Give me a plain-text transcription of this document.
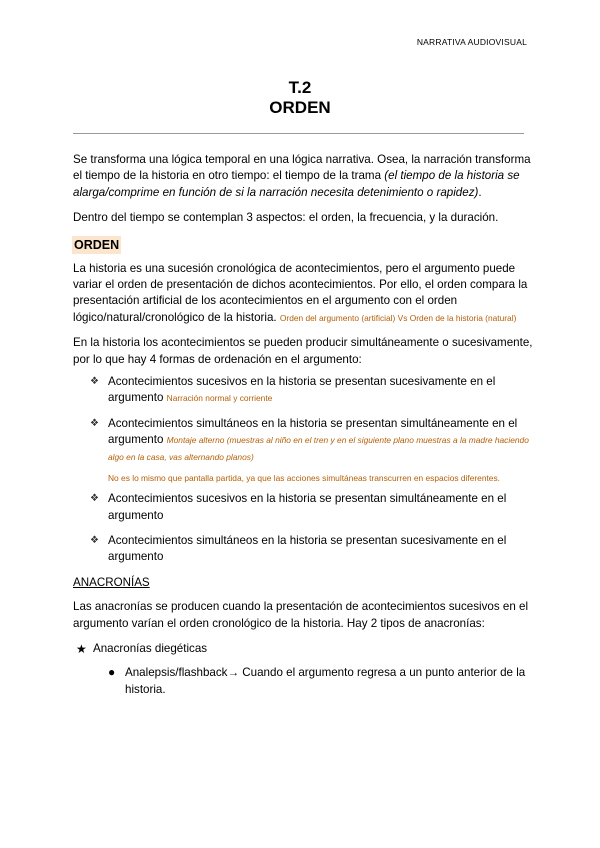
NARRATIVA AUDIOVISUAL
T.2
ORDEN

Se transforma una lógica temporal en una lógica narrativa. Osea, la narración transforma el tiempo de la historia en otro tiempo: el tiempo de la trama (el tiempo de la historia se alarga/comprime en función de si la narración necesita detenimiento o rapidez).

Dentro del tiempo se contemplan 3 aspectos: el orden, la frecuencia, y la duración.

ORDEN

La historia es una sucesión cronológica de acontecimientos, pero el argumento puede variar el orden de presentación de dichos acontecimientos. Por ello, el orden compara la presentación artificial de los acontecimientos en el argumento con el orden lógico/natural/cronológico de la historia. Orden del argumento (artificial) Vs Orden de la historia (natural)

En la historia los acontecimientos se pueden producir simultáneamente o sucesivamente, por lo que hay 4 formas de ordenación en el argumento:

❖ Acontecimientos sucesivos en la historia se presentan sucesivamente en el argumento Narración normal y corriente
❖ Acontecimientos simultáneos en la historia se presentan simultáneamente en el argumento Montaje alterno (muestras al niño en el tren y en el siguiente plano muestras a la madre haciendo algo en la casa, vas alternando planos)
No es lo mismo que pantalla partida, ya que las acciones simultáneas transcurren en espacios diferentes.
❖ Acontecimientos sucesivos en la historia se presentan simultáneamente en el argumento
❖ Acontecimientos simultáneos en la historia se presentan sucesivamente en el argumento
ANACRONÍAS

Las anacronías se producen cuando la presentación de acontecimientos sucesivos en el argumento varían el orden cronológico de la historia. Hay 2 tipos de anacronías:

★ Anacronías diegéticas
● Analepsis/flashback→ Cuando el argumento regresa a un punto anterior de la historia.
